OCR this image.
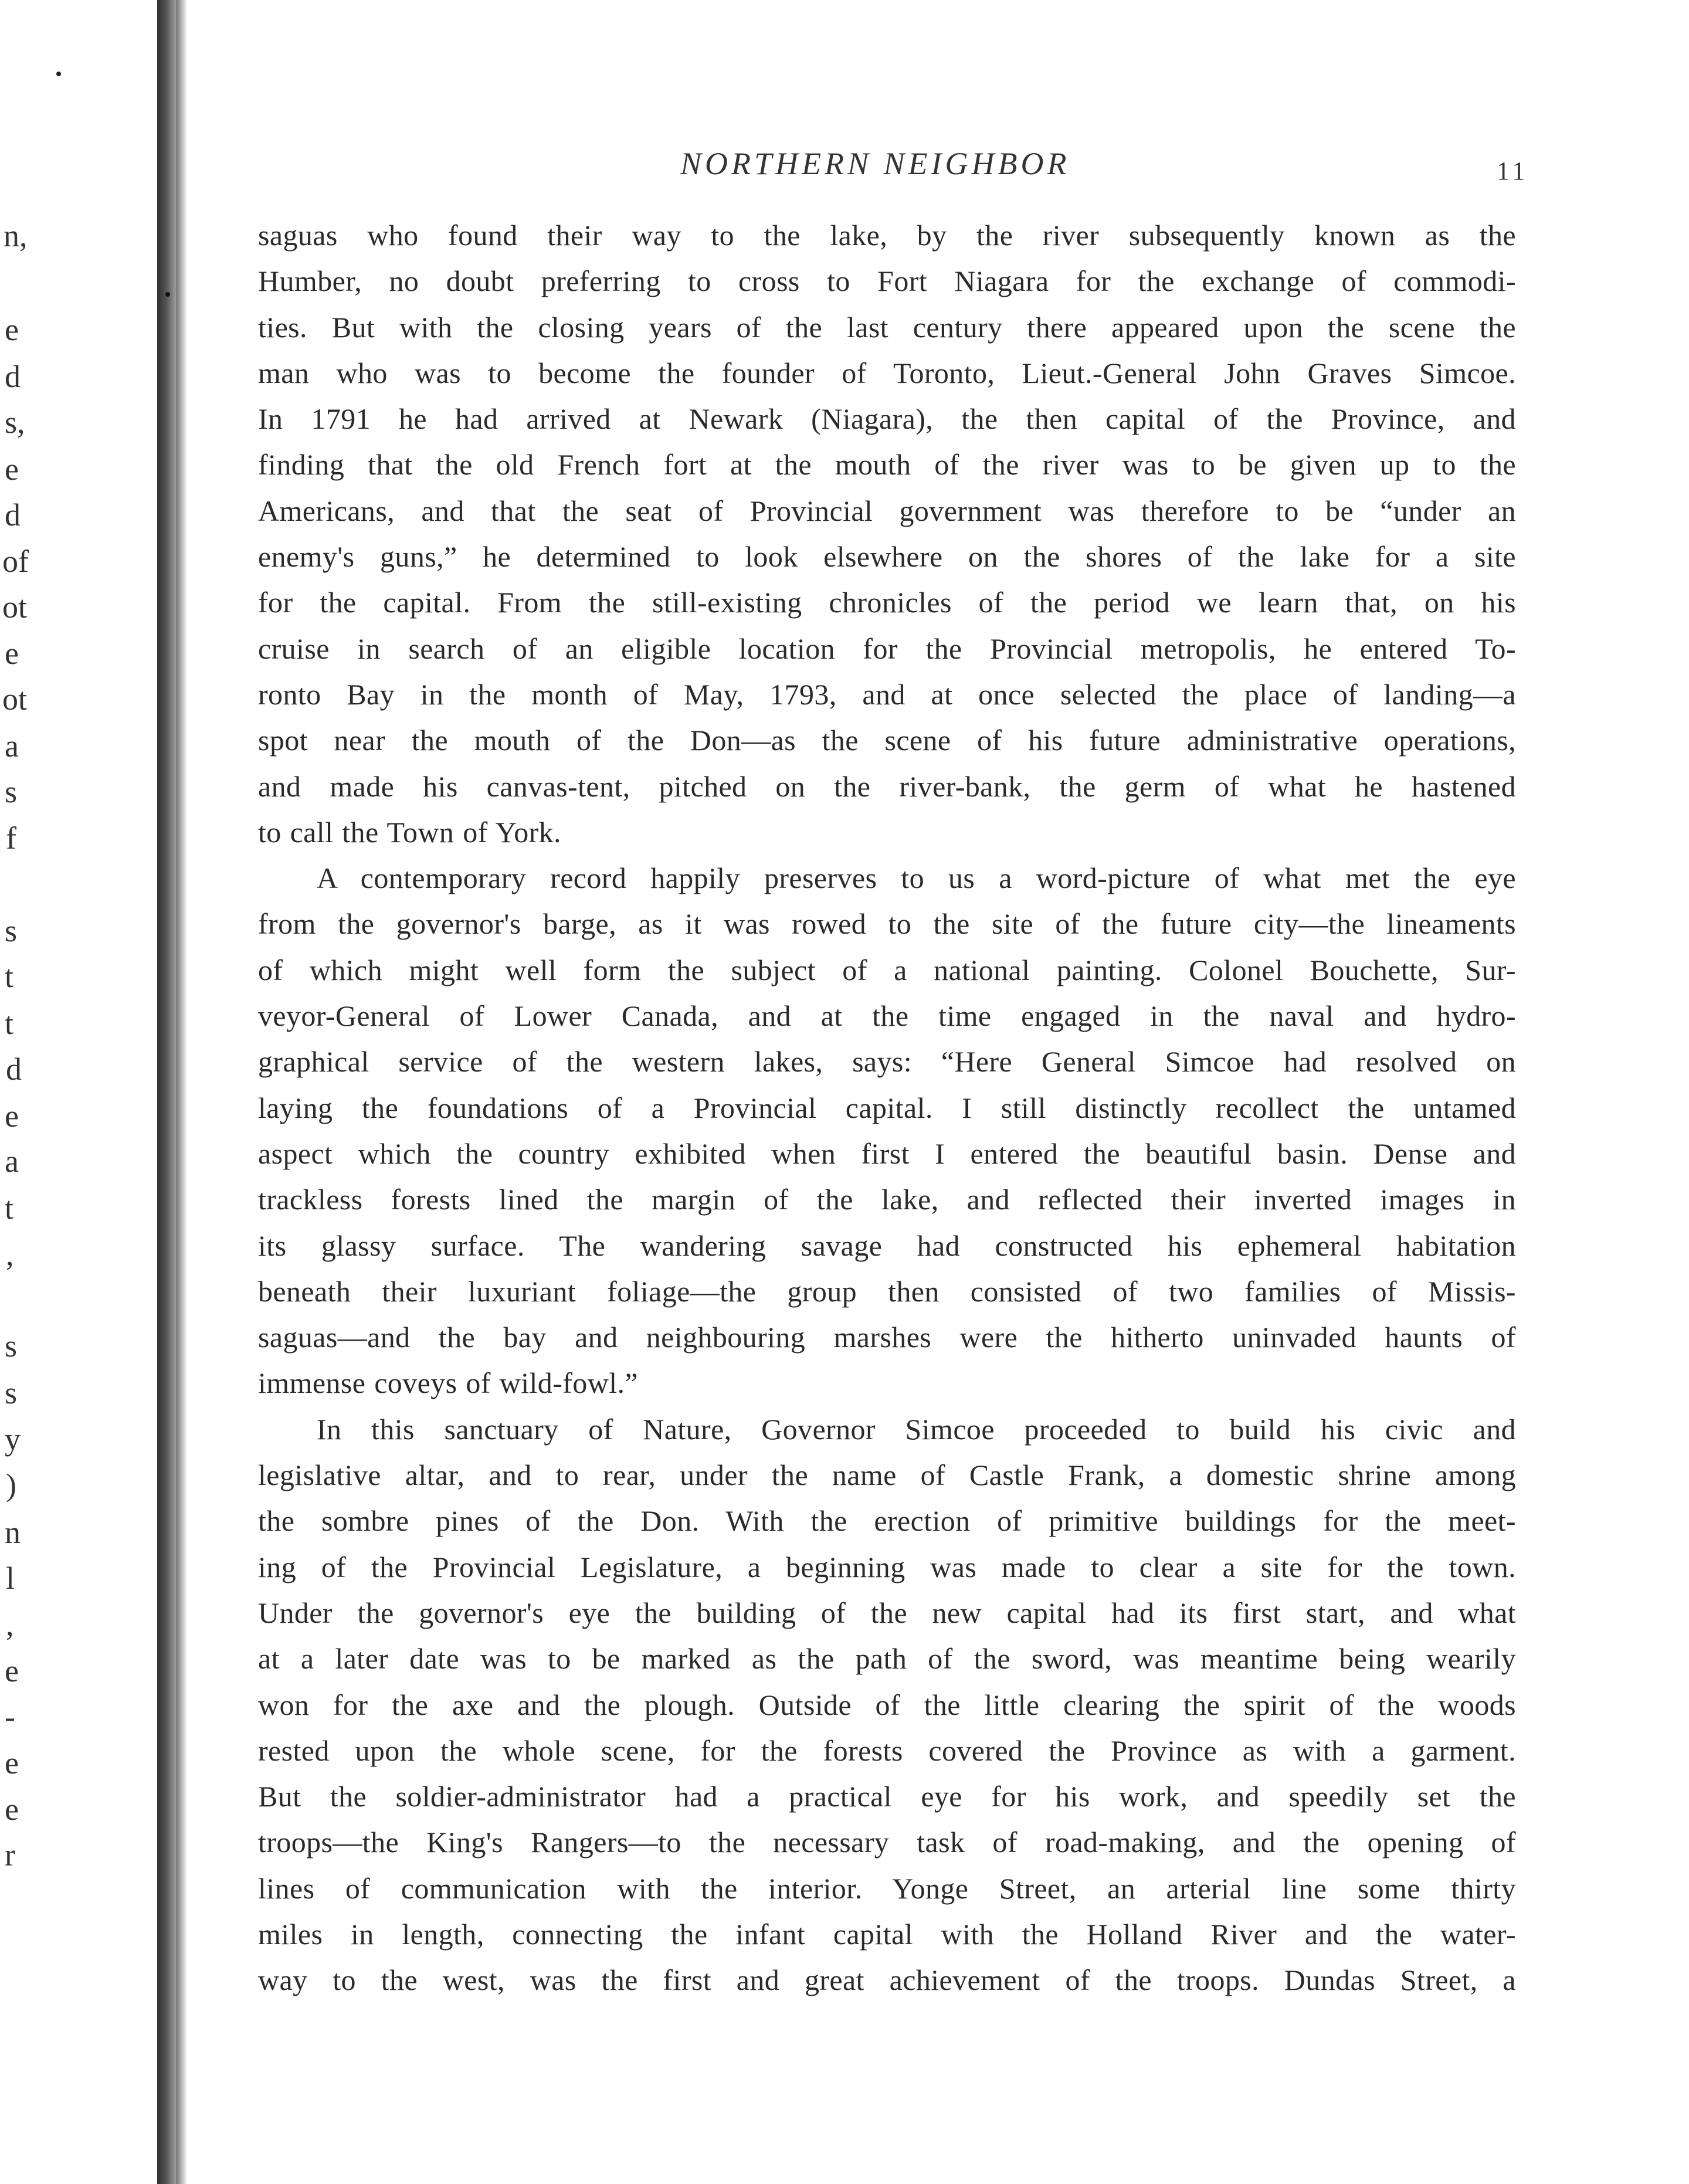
n,
e
d
s,
e
d
of
ot
e
ot
a
s
f
s
t
t
d
e
a
t
,
s
s
y
)
n
l
,
e
-
e
e
r
NORTHERN NEIGHBOR	11
saguas who found their way to the lake, by the river subsequently known as the
Humber, no doubt preferring to cross to Fort Niagara for the exchange of commodi-
ties. But with the closing years of the last century there appeared upon the scene the
man who was to become the founder of Toronto, Lieut.-General John Graves Simcoe.
In 1791 he had arrived at Newark (Niagara), the then capital of the Province, and
finding that the old French fort at the mouth of the river was to be given up to the
Americans, and that the seat of Provincial government was therefore to be “under an
enemy's guns,” he determined to look elsewhere on the shores of the lake for a site
for the capital. From the still-existing chronicles of the period we learn that, on his
cruise in search of an eligible location for the Provincial metropolis, he entered To-
ronto Bay in the month of May, 1793, and at once selected the place of landing—a
spot near the mouth of the Don—as the scene of his future administrative operations,
and made his canvas-tent, pitched on the river-bank, the germ of what he hastened
to call the Town of York.
A contemporary record happily preserves to us a word-picture of what met the eye
from the governor's barge, as it was rowed to the site of the future city—the lineaments
of which might well form the subject of a national painting. Colonel Bouchette, Sur-
veyor-General of Lower Canada, and at the time engaged in the naval and hydro-
graphical service of the western lakes, says: “Here General Simcoe had resolved on
laying the foundations of a Provincial capital. I still distinctly recollect the untamed
aspect which the country exhibited when first I entered the beautiful basin. Dense and
trackless forests lined the margin of the lake, and reflected their inverted images in
its glassy surface. The wandering savage had constructed his ephemeral habitation
beneath their luxuriant foliage—the group then consisted of two families of Missis-
saguas—and the bay and neighbouring marshes were the hitherto uninvaded haunts of
immense coveys of wild-fowl.”
In this sanctuary of Nature, Governor Simcoe proceeded to build his civic and
legislative altar, and to rear, under the name of Castle Frank, a domestic shrine among
the sombre pines of the Don. With the erection of primitive buildings for the meet-
ing of the Provincial Legislature, a beginning was made to clear a site for the town.
Under the governor's eye the building of the new capital had its first start, and what
at a later date was to be marked as the path of the sword, was meantime being wearily
won for the axe and the plough. Outside of the little clearing the spirit of the woods
rested upon the whole scene, for the forests covered the Province as with a garment.
But the soldier-administrator had a practical eye for his work, and speedily set the
troops—the King's Rangers—to the necessary task of road-making, and the opening of
lines of communication with the interior. Yonge Street, an arterial line some thirty
miles in length, connecting the infant capital with the Holland River and the water-
way to the west, was the first and great achievement of the troops. Dundas Street, a
